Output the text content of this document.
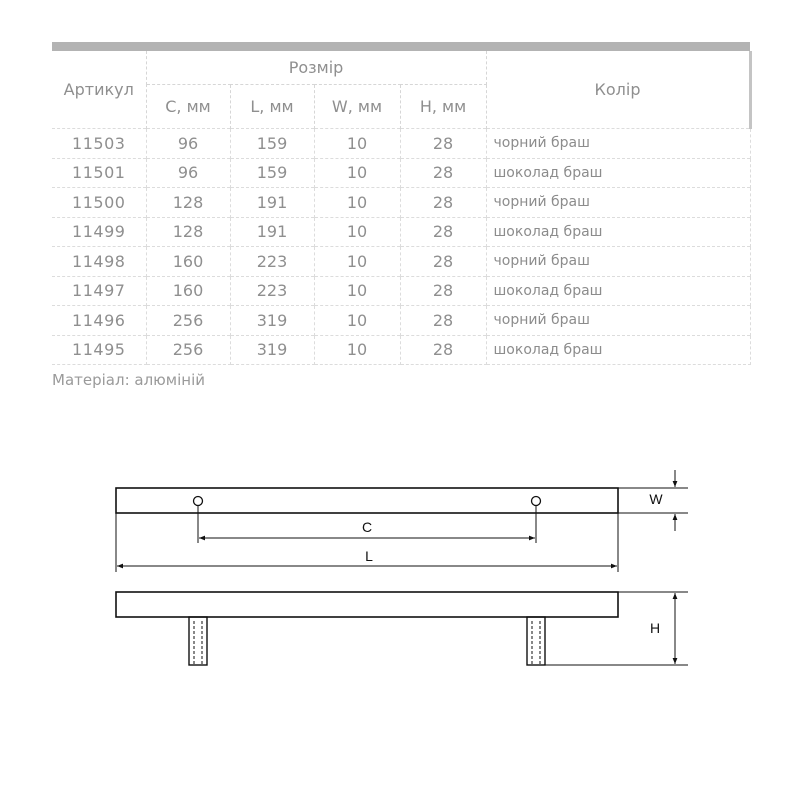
Артикул	Розмір				Колір
	C, мм	L, мм	W, мм	H, мм	
11503	96	159	10	28	чорний браш
11501	96	159	10	28	шоколад браш
11500	128	191	10	28	чорний браш
11499	128	191	10	28	шоколад браш
11498	160	223	10	28	чорний браш
11497	160	223	10	28	шоколад браш
11496	256	319	10	28	чорний браш
11495	256	319	10	28	шоколад браш
Матеріал: алюміній
C
L
W
H
